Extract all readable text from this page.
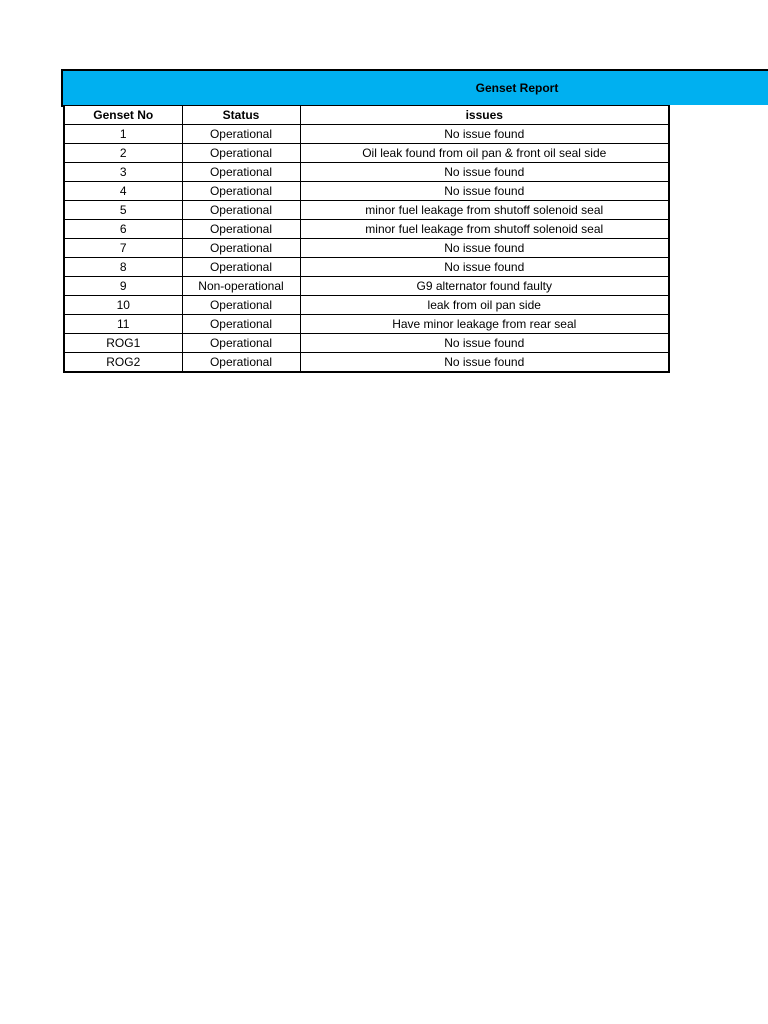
Genset Report
Genset No	Status	issues
1	Operational	No issue found
2	Operational	Oil leak found from oil pan & front oil seal side
3	Operational	No issue found
4	Operational	No issue found
5	Operational	minor fuel leakage from shutoff solenoid seal
6	Operational	minor fuel leakage from shutoff solenoid seal
7	Operational	No issue found
8	Operational	No issue found
9	Non-operational	G9 alternator found faulty
10	Operational	leak from oil pan side
11	Operational	Have minor leakage from rear seal
ROG1	Operational	No issue found
ROG2	Operational	No issue found
